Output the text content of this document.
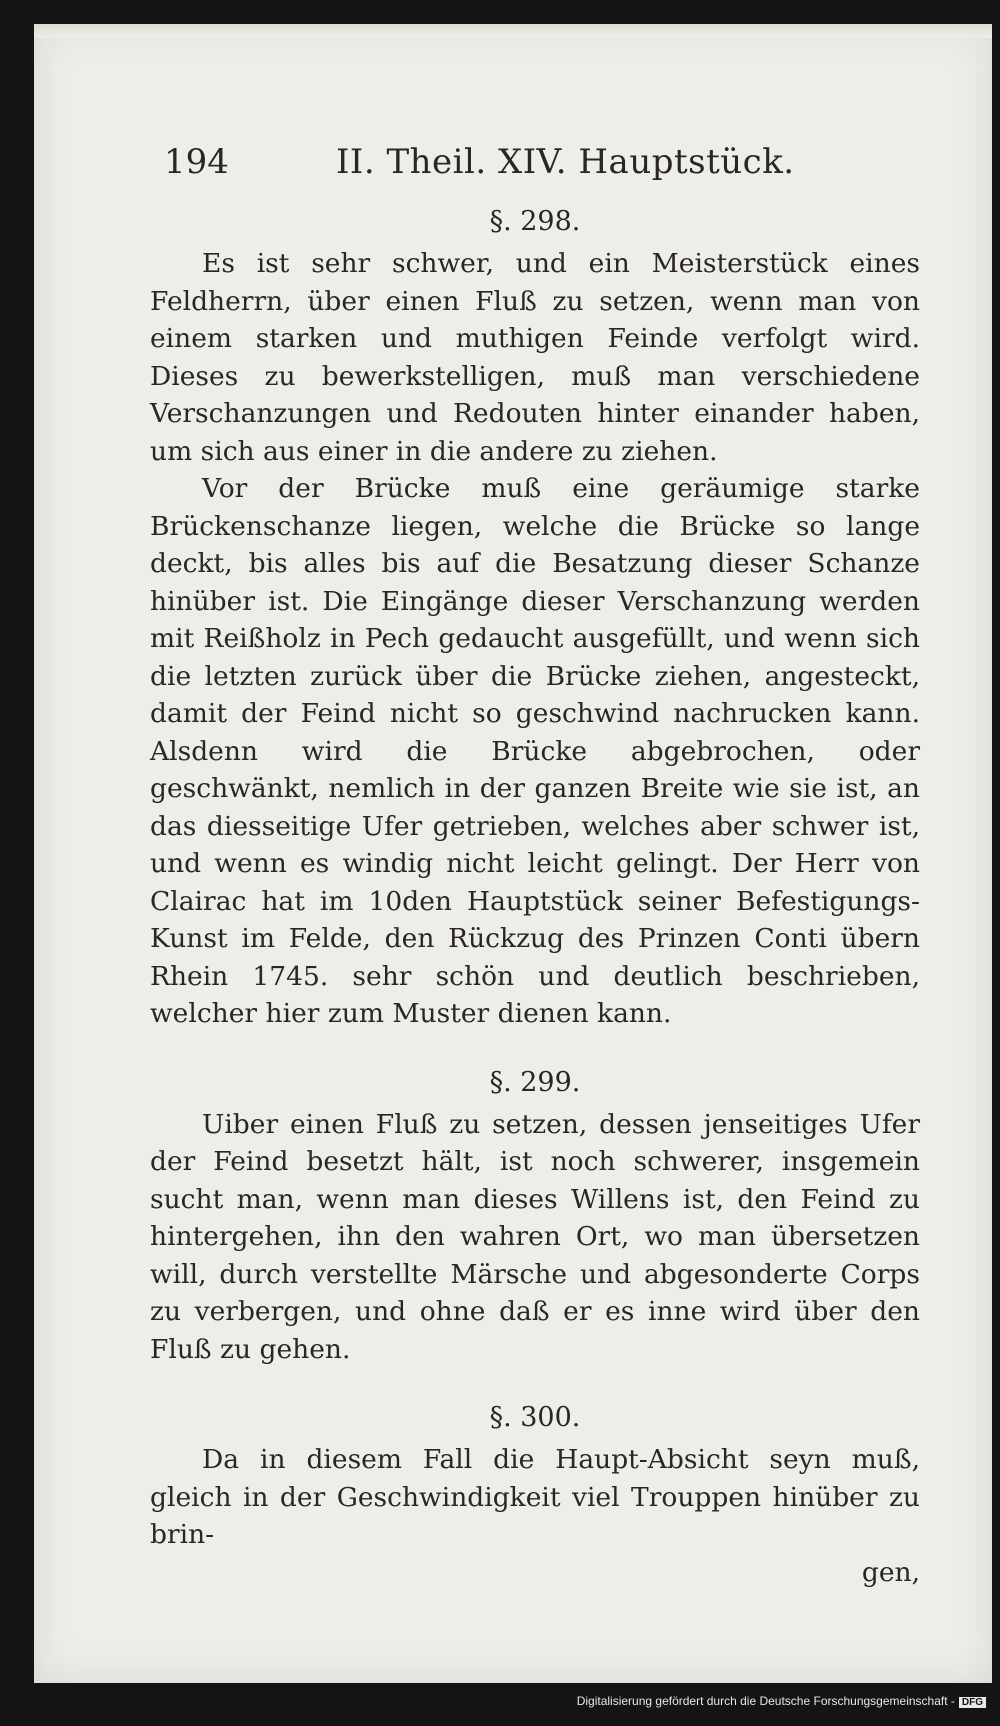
194	II. Theil. XIV. Hauptstück.
§. 298.

Es ist sehr schwer, und ein Meisterstück eines Feldherrn, über einen Fluß zu setzen, wenn man von einem starken und muthigen Feinde verfolgt wird. Dieses zu bewerkstelligen, muß man verschiedene Verschanzungen und Redouten hinter einander haben, um sich aus einer in die andere zu ziehen.

Vor der Brücke muß eine geräumige starke Brückenschanze liegen, welche die Brücke so lange deckt, bis alles bis auf die Besatzung dieser Schanze hinüber ist. Die Eingänge dieser Verschanzung werden mit Reißholz in Pech gedaucht ausgefüllt, und wenn sich die letzten zurück über die Brücke ziehen, angesteckt, damit der Feind nicht so geschwind nachrucken kann. Alsdenn wird die Brücke abgebrochen, oder geschwänkt, nemlich in der ganzen Breite wie sie ist, an das diesseitige Ufer getrieben, welches aber schwer ist, und wenn es windig nicht leicht gelingt. Der Herr von Clairac hat im 10den Hauptstück seiner Befestigungs-Kunst im Felde, den Rückzug des Prinzen Conti übern Rhein 1745. sehr schön und deutlich beschrieben, welcher hier zum Muster dienen kann.

§. 299.

Uiber einen Fluß zu setzen, dessen jenseitiges Ufer der Feind besetzt hält, ist noch schwerer, insgemein sucht man, wenn man dieses Willens ist, den Feind zu hintergehen, ihn den wahren Ort, wo man übersetzen will, durch verstellte Märsche und abgesonderte Corps zu verbergen, und ohne daß er es inne wird über den Fluß zu gehen.

§. 300.

Da in diesem Fall die Haupt-Absicht seyn muß, gleich in der Geschwindigkeit viel Trouppen hinüber zu brin-

gen,
Digitalisierung gefördert durch die Deutsche Forschungsgemeinschaft - DFG
